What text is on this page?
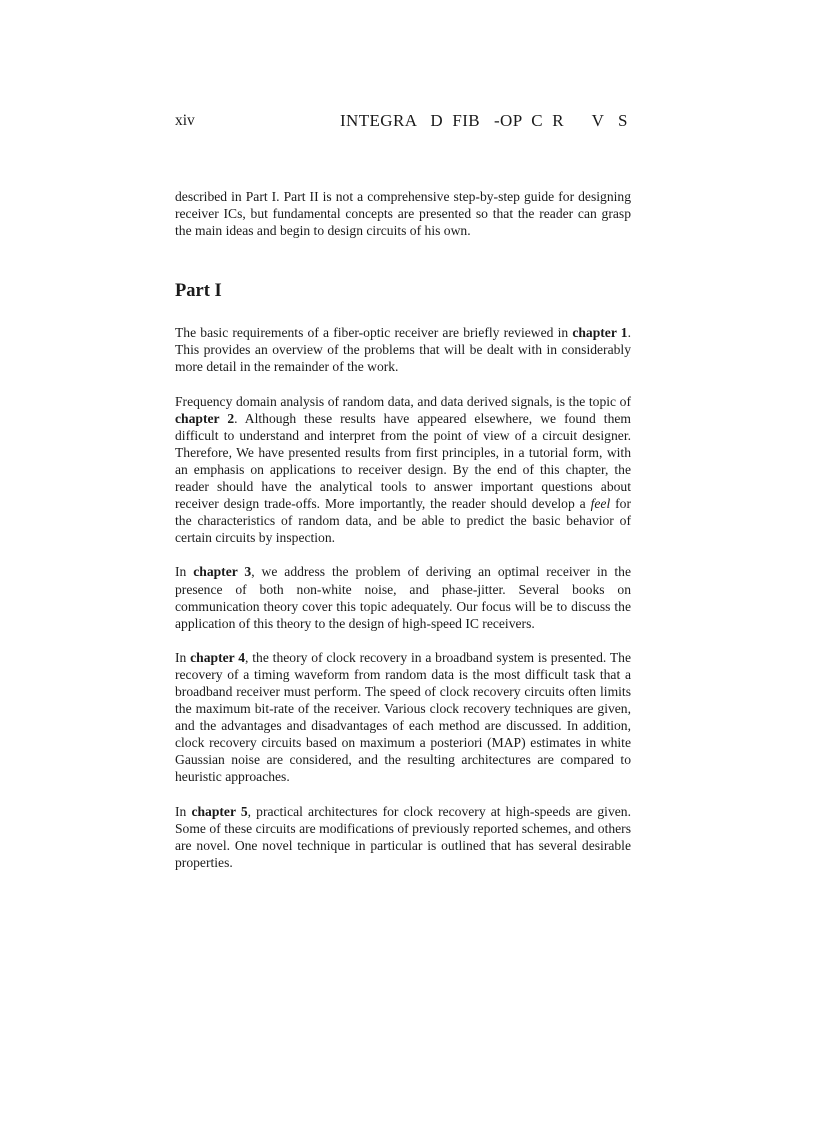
xiv	INTEGRA   D  FIB   -OP  C  R      V   S

described in Part I. Part II is not a comprehensive step-by-step guide for designing receiver ICs, but fundamental concepts are presented so that the reader can grasp the main ideas and begin to design circuits of his own.

Part I

The basic requirements of a fiber-optic receiver are briefly reviewed in chapter 1. This provides an overview of the problems that will be dealt with in considerably more detail in the remainder of the work.

Frequency domain analysis of random data, and data derived signals, is the topic of chapter 2. Although these results have appeared elsewhere, we found them difficult to understand and interpret from the point of view of a circuit designer. Therefore, We have presented results from first principles, in a tutorial form, with an emphasis on applications to receiver design. By the end of this chapter, the reader should have the analytical tools to answer important questions about receiver design trade-offs. More importantly, the reader should develop a feel for the characteristics of random data, and be able to predict the basic behavior of certain circuits by inspection.

In chapter 3, we address the problem of deriving an optimal receiver in the presence of both non-white noise, and phase-jitter. Several books on communication theory cover this topic adequately. Our focus will be to discuss the application of this theory to the design of high-speed IC receivers.

In chapter 4, the theory of clock recovery in a broadband system is presented. The recovery of a timing waveform from random data is the most difficult task that a broadband receiver must perform. The speed of clock recovery circuits often limits the maximum bit-rate of the receiver. Various clock recovery techniques are given, and the advantages and disadvantages of each method are discussed. In addition, clock recovery circuits based on maximum a posteriori (MAP) estimates in white Gaussian noise are considered, and the resulting architectures are compared to heuristic approaches.

In chapter 5, practical architectures for clock recovery at high-speeds are given. Some of these circuits are modifications of previously reported schemes, and others are novel. One novel technique in particular is outlined that has several desirable properties.
